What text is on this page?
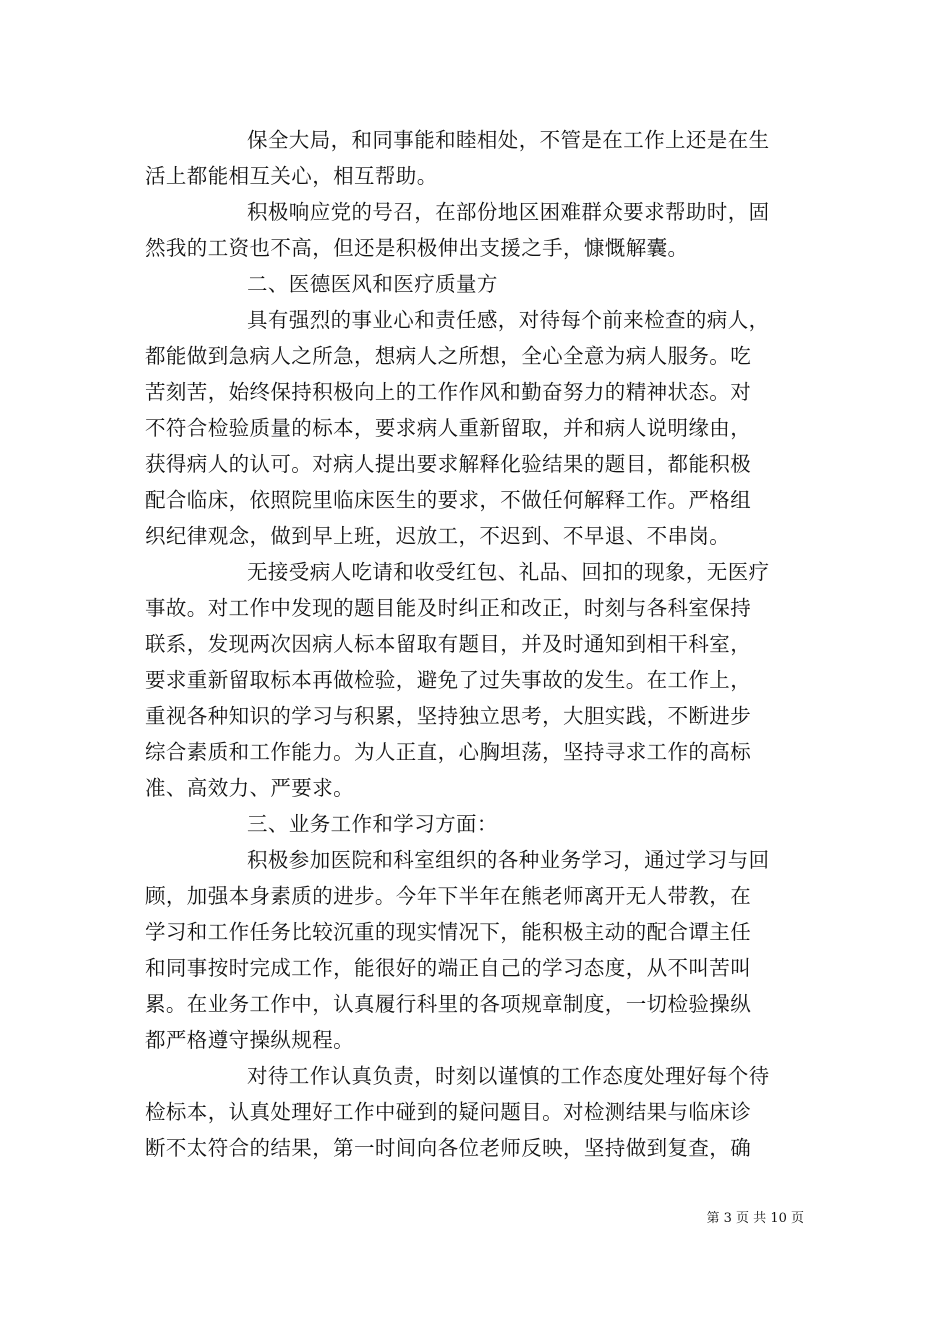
保全大局，和同事能和睦相处，不管是在工作上还是在生
活上都能相互关心，相互帮助。
积极响应党的号召，在部份地区困难群众要求帮助时，固
然我的工资也不高，但还是积极伸出支援之手，慷慨解囊。
二、医德医风和医疗质量方
具有强烈的事业心和责任感，对待每个前来检查的病人，
都能做到急病人之所急，想病人之所想，全心全意为病人服务。吃
苦刻苦，始终保持积极向上的工作作风和勤奋努力的精神状态。对
不符合检验质量的标本，要求病人重新留取，并和病人说明缘由，
获得病人的认可。对病人提出要求解释化验结果的题目，都能积极
配合临床，依照院里临床医生的要求，不做任何解释工作。严格组
织纪律观念，做到早上班，迟放工，不迟到、不早退、不串岗。
无接受病人吃请和收受红包、礼品、回扣的现象，无医疗
事故。对工作中发现的题目能及时纠正和改正，时刻与各科室保持
联系，发现两次因病人标本留取有题目，并及时通知到相干科室，
要求重新留取标本再做检验，避免了过失事故的发生。在工作上，
重视各种知识的学习与积累，坚持独立思考，大胆实践，不断进步
综合素质和工作能力。为人正直，心胸坦荡，坚持寻求工作的高标
准、高效力、严要求。
三、业务工作和学习方面：
积极参加医院和科室组织的各种业务学习，通过学习与回
顾，加强本身素质的进步。今年下半年在熊老师离开无人带教，在
学习和工作任务比较沉重的现实情况下，能积极主动的配合谭主任
和同事按时完成工作，能很好的端正自己的学习态度，从不叫苦叫
累。在业务工作中，认真履行科里的各项规章制度，一切检验操纵
都严格遵守操纵规程。
对待工作认真负责，时刻以谨慎的工作态度处理好每个待
检标本，认真处理好工作中碰到的疑问题目。对检测结果与临床诊
断不太符合的结果，第一时间向各位老师反映，坚持做到复查，确
第 3 页 共 10 页
